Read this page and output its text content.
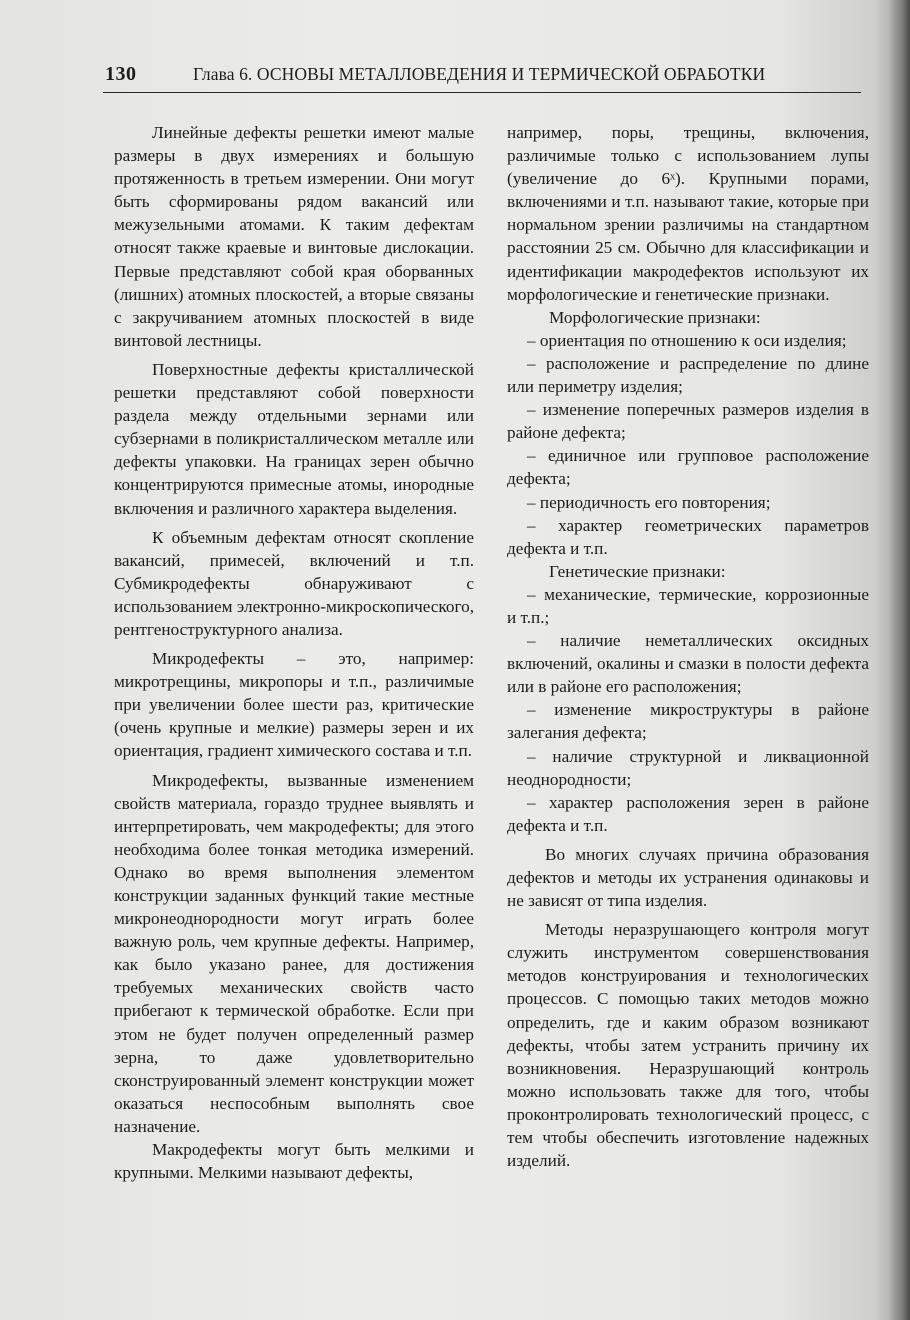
130	Глава 6. ОСНОВЫ МЕТАЛЛОВЕДЕНИЯ И ТЕРМИЧЕСКОЙ ОБРАБОТКИ

Линейные дефекты решетки имеют малые размеры в двух измерениях и большую протяженность в третьем измерении. Они могут быть сформированы рядом вакансий или межузельными атомами. К таким дефектам относят также краевые и винтовые дислокации. Первые представляют собой края оборванных (лишних) атомных плоскостей, а вторые связаны с закручиванием атомных плоскостей в виде винтовой лестницы.

Поверхностные дефекты кристаллической решетки представляют собой поверхности раздела между отдельными зернами или субзернами в поликристаллическом металле или дефекты упаковки. На границах зерен обычно концентрируются примесные атомы, инородные включения и различного характера выделения.

К объемным дефектам относят скопление вакансий, примесей, включений и т.п. Субмикродефекты обнаруживают с использованием электронно-микроскопического, рентгеноструктурного анализа.

Микродефекты – это, например: микротрещины, микропоры и т.п., различимые при увеличении более шести раз, критические (очень крупные и мелкие) размеры зерен и их ориентация, градиент химического состава и т.п.

Микродефекты, вызванные изменением свойств материала, гораздо труднее выявлять и интерпретировать, чем макродефекты; для этого необходима более тонкая методика измерений. Однако во время выполнения элементом конструкции заданных функций такие местные микронеоднородности могут играть более важную роль, чем крупные дефекты. Например, как было указано ранее, для достижения требуемых механических свойств часто прибегают к термической обработке. Если при этом не будет получен определенный размер зерна, то даже удовлетворительно сконструированный элемент конструкции может оказаться неспособным выполнять свое назначение.

Макродефекты могут быть мелкими и крупными. Мелкими называют дефекты,

например, поры, трещины, включения, различимые только с использованием лупы (увеличение до 6ˣ). Крупными порами, включениями и т.п. называют такие, которые при нормальном зрении различимы на стандартном расстоянии 25 см. Обычно для классификации и идентификации макродефектов используют их морфологические и генетические признаки.

Морфологические признаки:

– ориентация по отношению к оси изделия;

– расположение и распределение по длине или периметру изделия;

– изменение поперечных размеров изделия в районе дефекта;

– единичное или групповое расположение дефекта;

– периодичность его повторения;

– характер геометрических параметров дефекта и т.п.

Генетические признаки:

– механические, термические, коррозионные и т.п.;

– наличие неметаллических оксидных включений, окалины и смазки в полости дефекта или в районе его расположения;

– изменение микроструктуры в районе залегания дефекта;

– наличие структурной и ликвационной неоднородности;

– характер расположения зерен в районе дефекта и т.п.

Во многих случаях причина образования дефектов и методы их устранения одинаковы и не зависят от типа изделия.

Методы неразрушающего контроля могут служить инструментом совершенствования методов конструирования и технологических процессов. С помощью таких методов можно определить, где и каким образом возникают дефекты, чтобы затем устранить причину их возникновения. Неразрушающий контроль можно использовать также для того, чтобы проконтролировать технологический процесс, с тем чтобы обеспечить изготовление надежных изделий.
